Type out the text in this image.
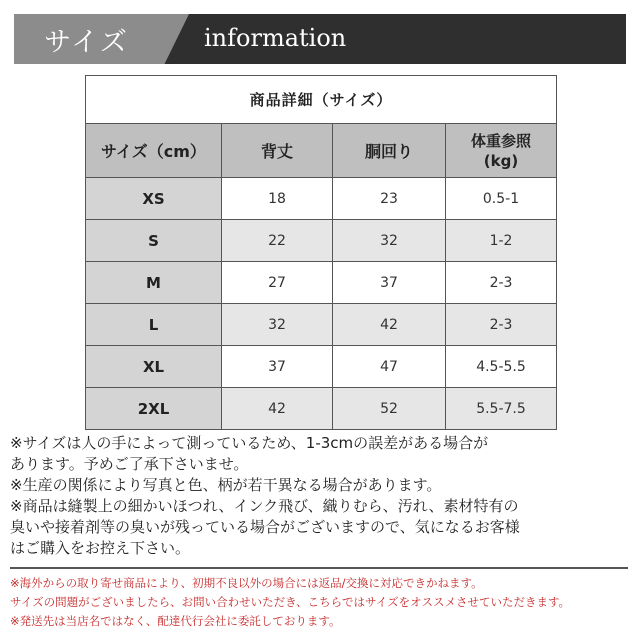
サイズ	information
商品詳細（サイズ）			
サイズ（cm）	背丈	胴回り	体重参照
(kg)
XS	18	23	0.5-1
S	22	32	1-2
M	27	37	2-3
L	32	42	2-3
XL	37	47	4.5-5.5
2XL	42	52	5.5-7.5

※サイズは人の手によって測っているため、1-3cmの誤差がある場合が

あります。予めご了承下さいませ。

※生産の関係により写真と色、柄が若干異なる場合があります。

※商品は縫製上の細かいほつれ、インク飛び、織りむら、汚れ、素材特有の

臭いや接着剤等の臭いが残っている場合がございますので、気になるお客様

はご購入をお控え下さい。

※海外からの取り寄せ商品により、初期不良以外の場合には返品/交換に対応できかねます。

サイズの問題がございましたら、お問い合わせいただき、こちらではサイズをオススメさせていただきます。

※発送先は当店名ではなく、配達代行会社に委託しております。
